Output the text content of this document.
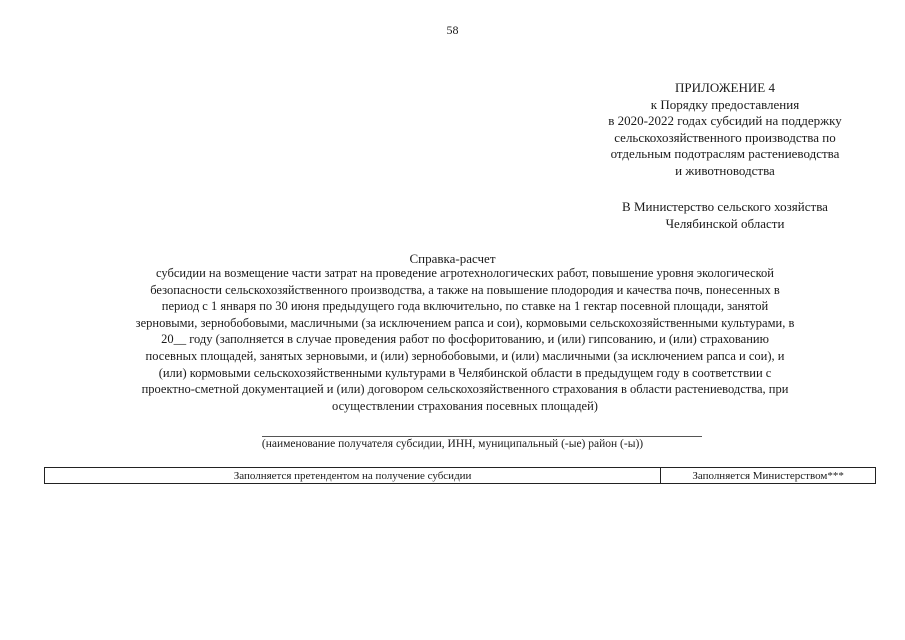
58
ПРИЛОЖЕНИЕ 4
к Порядку предоставления
в 2020-2022 годах субсидий на поддержку
сельскохозяйственного производства по
отдельным подотраслям растениеводства
и животноводства
В Министерство сельского хозяйства
Челябинской области
Справка-расчет
субсидии на возмещение части затрат на проведение агротехнологических работ, повышение уровня экологической
безопасности сельскохозяйственного производства, а также на повышение плодородия и качества почв, понесенных в
период с 1 января по 30 июня предыдущего года включительно, по ставке на 1 гектар посевной площади, занятой
зерновыми, зернобобовыми, масличными (за исключением рапса и сои), кормовыми сельскохозяйственными культурами, в
20__ году (заполняется в случае проведения работ по фосфоритованию, и (или) гипсованию, и (или) страхованию
посевных площадей, занятых зерновыми, и (или) зернобобовыми, и (или) масличными (за исключением рапса и сои), и
(или) кормовыми сельскохозяйственными культурами в Челябинской области в предыдущем году в соответствии с
проектно-сметной документацией и (или) договором сельскохозяйственного страхования в области растениеводства, при
осуществлении страхования посевных площадей)
(наименование получателя субсидии, ИНН, муниципальный (-ые) район (-ы))
Заполняется претендентом на получение субсидии	Заполняется Министерством***
